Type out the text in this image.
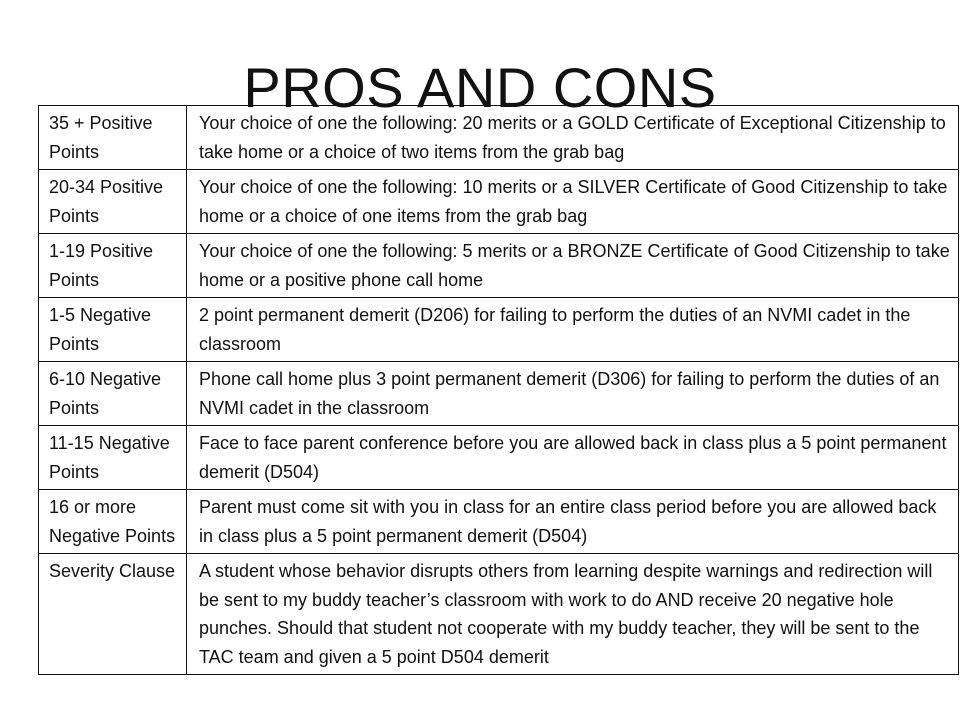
PROS AND CONS
35 + Positive Points	Your choice of one the following: 20 merits or a GOLD Certificate of Exceptional Citizenship to take home or a choice of two items from the grab bag
20-34 Positive Points	Your choice of one the following: 10 merits or a SILVER Certificate of Good Citizenship to take home or a choice of one items from the grab bag
1-19 Positive Points	Your choice of one the following: 5 merits or a BRONZE Certificate of Good Citizenship to take home or a positive phone call home
1-5 Negative Points	2 point permanent demerit (D206) for failing to perform the duties of an NVMI cadet in the classroom
6-10 Negative Points	Phone call home plus 3 point permanent demerit (D306) for failing to perform the duties of an NVMI cadet in the classroom
11-15 Negative Points	Face to face parent conference before you are allowed back in class plus a 5 point permanent demerit (D504)
16 or more Negative Points	Parent must come sit with you in class for an entire class period before you are allowed back in class plus a 5 point permanent demerit (D504)
Severity Clause	A student whose behavior disrupts others from learning despite warnings and redirection will be sent to my buddy teacher’s classroom with work to do AND receive 20 negative hole punches. Should that student not cooperate with my buddy teacher, they will be sent to the TAC team and given a 5 point D504 demerit
